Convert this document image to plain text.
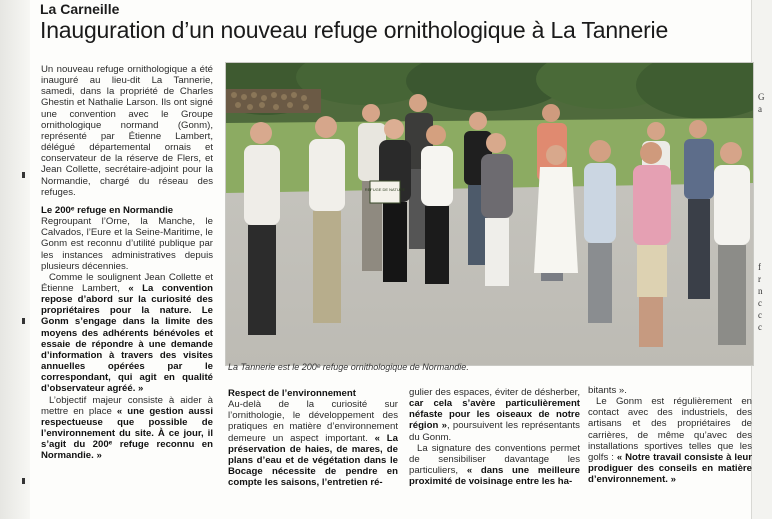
G
a
f
r
n
c
c
c
La Carneille
Inauguration d’un nouveau refuge ornithologique à La Tannerie

Un nouveau refuge ornithologique a été inauguré au lieu-dit La Tannerie, samedi, dans la propriété de Charles Ghestin et Nathalie Larson. Ils ont signé une convention avec le Groupe ornithologique normand (Gonm), représenté par Étienne Lambert, délégué départemental ornais et conservateur de la réserve de Flers, et Jean Collette, secrétaire-adjoint pour la Normandie, chargé du réseau des refuges.

Le 200ᵉ refuge en Normandie

Regroupant l’Orne, la Manche, le Calvados, l’Eure et la Seine-Maritime, le Gonm est reconnu d’utilité publique par les instances administratives depuis plusieurs décennies.

Comme le soulignent Jean Collette et Étienne Lambert, « La convention repose d’abord sur la curiosité des propriétaires pour la nature. Le Gonm s’engage dans la limite des moyens des adhérents bénévoles et essaie de répondre à une demande d’information à travers des visites annuelles opérées par le correspondant, qui agit en qualité d’observateur agréé. »

L’objectif majeur consiste à aider à mettre en place « une gestion aussi respectueuse que possible de l’environnement du site. À ce jour, il s’agit du 200ᵉ refuge reconnu en Normandie. »

REFUGE DE NATURE
La Tannerie est le 200ᵉ refuge ornithologique de Normandie.

Respect de l’environnement

Au-delà de la curiosité sur l’ornithologie, le développement des pratiques en matière d’environnement demeure un aspect important. « La préservation de haies, de mares, de plans d’eau et de végétation dans le Bocage nécessite de pendre en compte les saisons, l’entretien ré-

gulier des espaces, éviter de désherber, car cela s’avère particulièrement néfaste pour les oiseaux de notre région », poursuivent les représentants du Gonm.

La signature des conventions permet de sensibiliser davantage les particuliers, « dans une meilleure proximité de voisinage entre les ha-

bitants ».

Le Gonm est régulièrement en contact avec des industriels, des artisans et des propriétaires de carrières, de même qu’avec des installations sportives telles que les golfs : « Notre travail consiste à leur prodiguer des conseils en matière d’environnement. »
